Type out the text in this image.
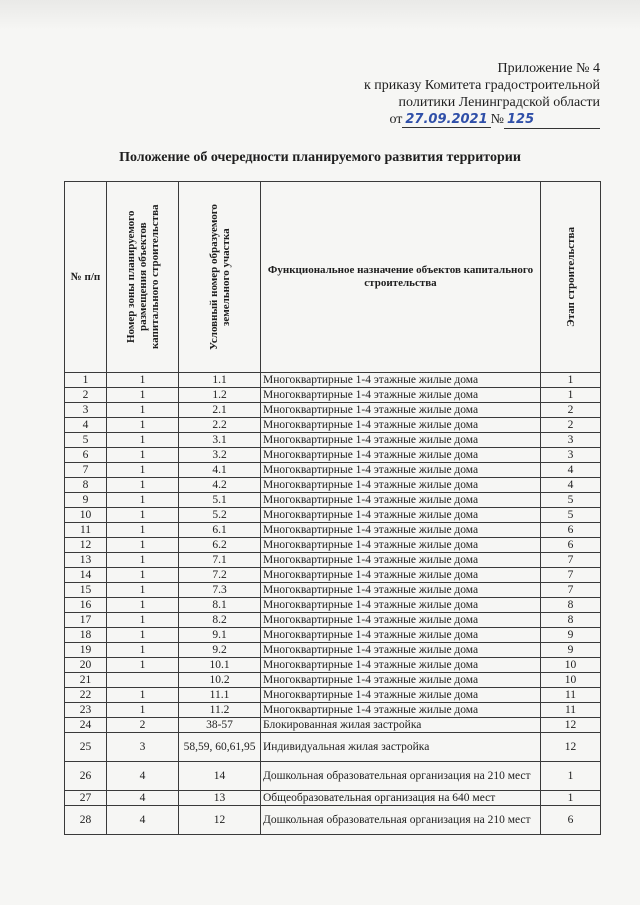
Приложение № 4
к приказу Комитета градостроительной
политики Ленинградской области
от 27.09.2021 № 125
Положение об очередности планируемого развития территории
№ п/п	Номер зоны планируемого размещения объектов капитального строительства	Условный номер образуемого земельного участка	Функциональное назначение объектов капитального строительства	Этап строительства

1	1	1.1	Многоквартирные 1-4 этажные жилые дома	1
2	1	1.2	Многоквартирные 1-4 этажные жилые дома	1
3	1	2.1	Многоквартирные 1-4 этажные жилые дома	2
4	1	2.2	Многоквартирные 1-4 этажные жилые дома	2
5	1	3.1	Многоквартирные 1-4 этажные жилые дома	3
6	1	3.2	Многоквартирные 1-4 этажные жилые дома	3
7	1	4.1	Многоквартирные 1-4 этажные жилые дома	4
8	1	4.2	Многоквартирные 1-4 этажные жилые дома	4
9	1	5.1	Многоквартирные 1-4 этажные жилые дома	5
10	1	5.2	Многоквартирные 1-4 этажные жилые дома	5
11	1	6.1	Многоквартирные 1-4 этажные жилые дома	6
12	1	6.2	Многоквартирные 1-4 этажные жилые дома	6
13	1	7.1	Многоквартирные 1-4 этажные жилые дома	7
14	1	7.2	Многоквартирные 1-4 этажные жилые дома	7
15	1	7.3	Многоквартирные 1-4 этажные жилые дома	7
16	1	8.1	Многоквартирные 1-4 этажные жилые дома	8
17	1	8.2	Многоквартирные 1-4 этажные жилые дома	8
18	1	9.1	Многоквартирные 1-4 этажные жилые дома	9
19	1	9.2	Многоквартирные 1-4 этажные жилые дома	9
20	1	10.1	Многоквартирные 1-4 этажные жилые дома	10
21		10.2	Многоквартирные 1-4 этажные жилые дома	10
22	1	11.1	Многоквартирные 1-4 этажные жилые дома	11
23	1	11.2	Многоквартирные 1-4 этажные жилые дома	11
24	2	38-57	Блокированная жилая застройка	12
25	3	58,59, 60,61,95	Индивидуальная жилая застройка	12
26	4	14	Дошкольная образовательная организация на 210 мест	1
27	4	13	Общеобразовательная организация на 640 мест	1
28	4	12	Дошкольная образовательная организация на 210 мест	6
